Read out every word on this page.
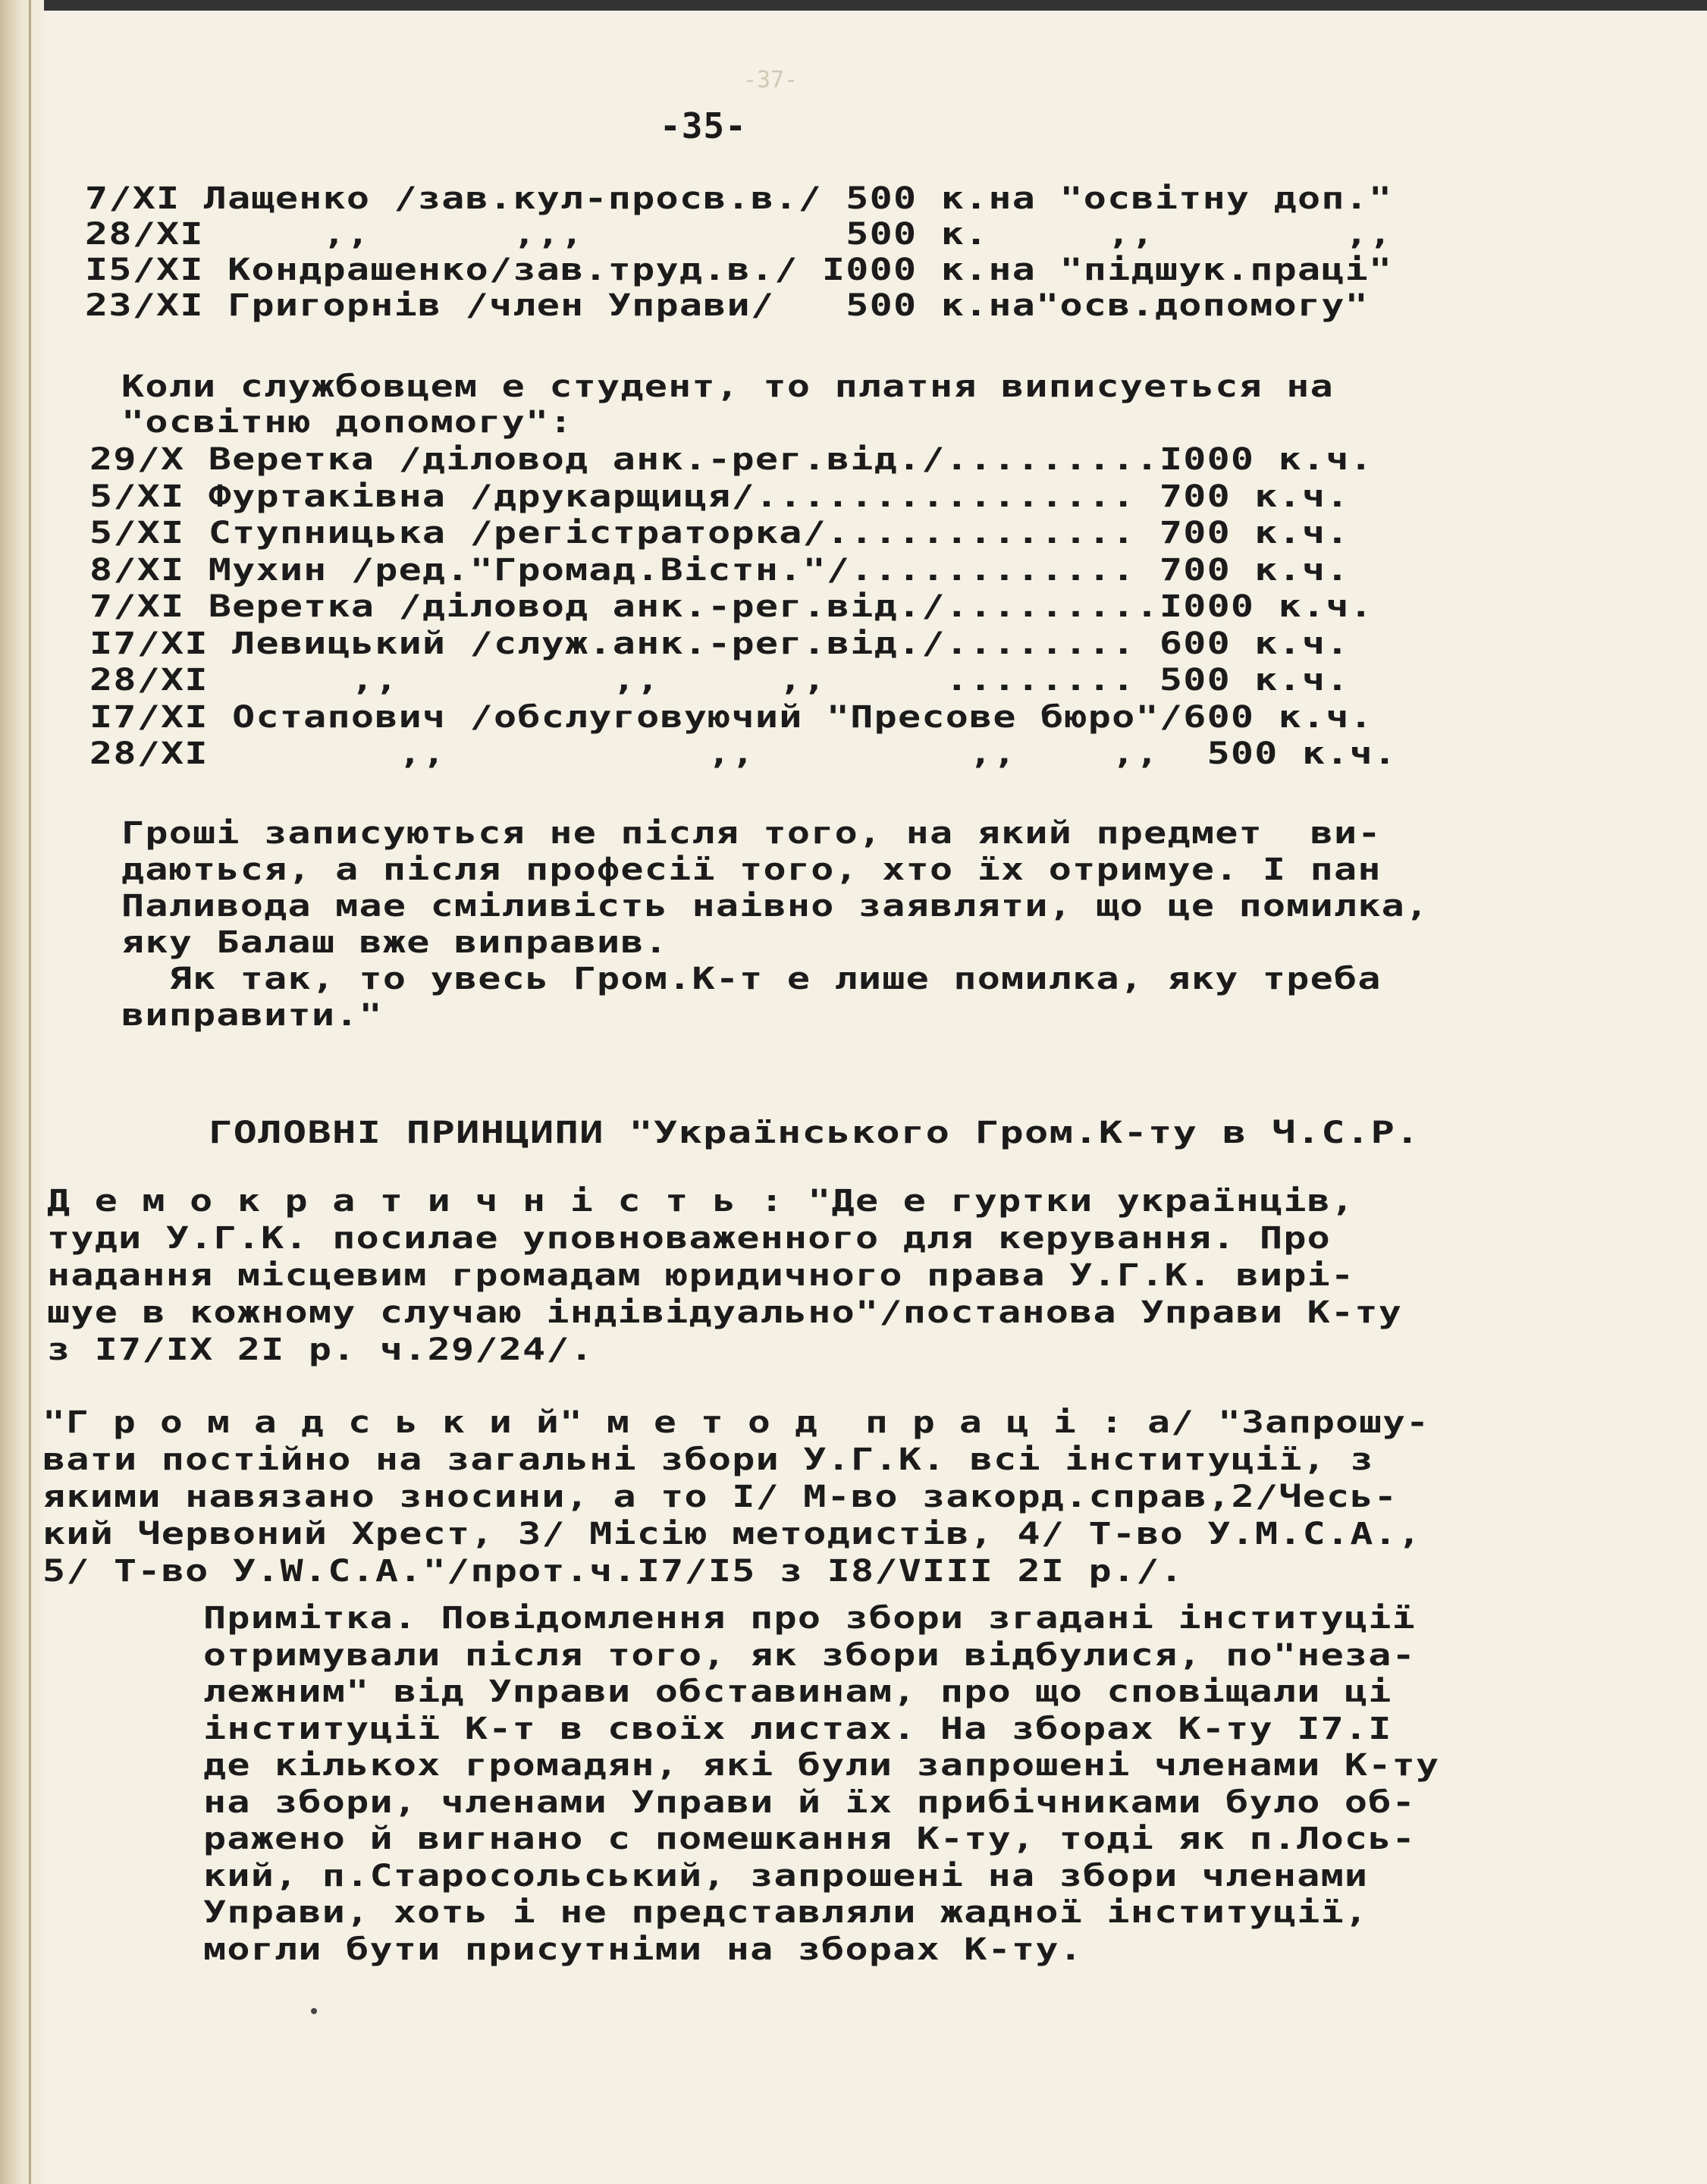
-37-
-35-
7/XI Лащенко /зав.кул-просв.в./ 500 к.на "освітну доп."
28/XI     ,,      ,,,           500 к.     ,,        ,,
I5/XI Кондрашенко/зав.труд.в./ I000 к.на "підшук.праці"
23/XI Григорнів /член Управи/   500 к.на"осв.допомогу"
Коли службовцем е студент, то платня виписуеться на
"освітню допомогу":
29/X Веретка /діловод анк.-рег.від./.........I000 к.ч.
5/XI Фуртаківна /друкарщиця/................ 700 к.ч.
5/XI Ступницька /регістраторка/............. 700 к.ч.
8/XI Мухин /ред."Громад.Вістн."/............ 700 к.ч.
7/XI Веретка /діловод анк.-рег.від./.........I000 к.ч.
I7/XI Левицький /служ.анк.-рег.від./........ 600 к.ч.
28/XI      ,,         ,,     ,,     ........ 500 к.ч.
I7/XI Остапович /обслуговуючий "Пресове бюро"/600 к.ч.
28/XI        ,,           ,,         ,,    ,,  500 к.ч.
Гроші записуються не після того, на який предмет  ви-
даються, а після професії того, хто їх отримуе. І пан
Паливода мае сміливість наівно заявляти, що це помилка,
яку Балаш вже виправив.
Як так, то увесь Гром.К-т е лише помилка, яку треба
виправити."
ГОЛОВНІ ПРИНЦИПИ "Українського Гром.К-ту в Ч.С.Р.
Д е м о к р а т и ч н і с т ь : "Де е гуртки українців,
туди У.Г.К. посилае уповноваженного для керування. Про
надання місцевим громадам юридичного права У.Г.К. вирі-
шуе в кожному случаю індівідуально"/постанова Управи К-ту
з I7/IX 2I р. ч.29/24/.
"Г р о м а д с ь к и й" м е т о д  п р а ц і : а/ "Запрошу-
вати постійно на загальні збори У.Г.К. всі інституції, з
якими навязано зносини, а то І/ М-во закорд.справ,2/Чесь-
кий Червоний Хрест, 3/ Місію методистів, 4/ Т-во У.М.С.А.,
5/ Т-во У.W.С.А."/прот.ч.I7/I5 з I8/VIII 2I р./.
Примітка. Повідомлення про збори згадані інституції
отримували після того, як збори відбулися, по"неза-
лежним" від Управи обставинам, про що сповіщали ці
інституції К-т в своїх листах. На зборах К-ту I7.I
де кількох громадян, які були запрошені членами К-ту
на збори, членами Управи й їх прибічниками було об-
ражено й вигнано с помешкання К-ту, тоді як п.Лось-
кий, п.Старосольський, запрошені на збори членами
Управи, хоть і не представляли жадної інституції,
могли бути присутніми на зборах К-ту.
